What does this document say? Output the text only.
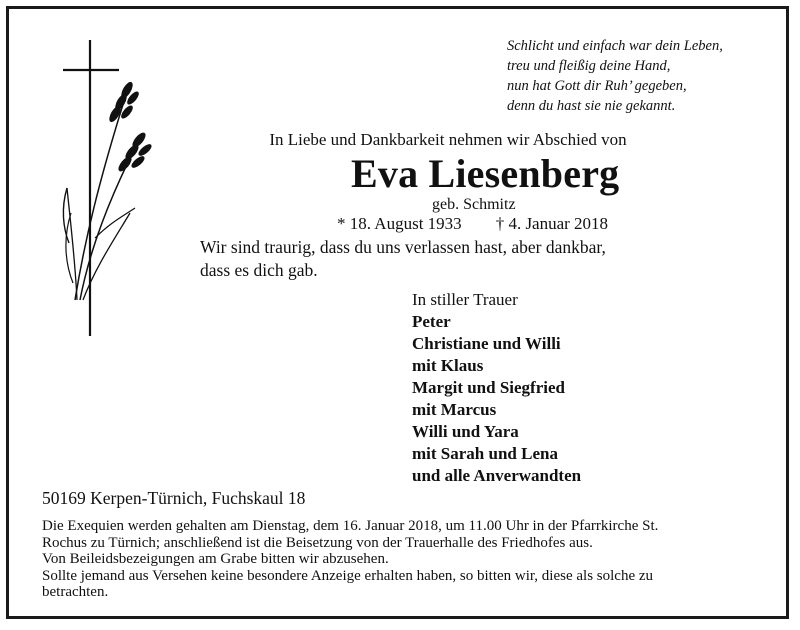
Schlicht und einfach war dein Leben,
treu und fleißig deine Hand,
nun hat Gott dir Ruh’ gegeben,
denn du hast sie nie gekannt.
In Liebe und Dankbarkeit nehmen wir Abschied von
Eva Liesenberg
geb. Schmitz
* 18. August 1933 † 4. Januar 2018
Wir sind traurig, dass du uns verlassen hast, aber dankbar,
dass es dich gab.
In stiller Trauer
Peter
Christiane und Willi
mit Klaus
Margit und Siegfried
mit Marcus
Willi und Yara
mit Sarah und Lena
und alle Anverwandten
50169 Kerpen-Türnich, Fuchskaul 18
Die Exequien werden gehalten am Dienstag, dem 16. Januar 2018, um 11.00 Uhr in der Pfarrkirche St.
Rochus zu Türnich; anschließend ist die Beisetzung von der Trauerhalle des Friedhofes aus.
Von Beileidsbezeigungen am Grabe bitten wir abzusehen.
Sollte jemand aus Versehen keine besondere Anzeige erhalten haben, so bitten wir, diese als solche zu
betrachten.
